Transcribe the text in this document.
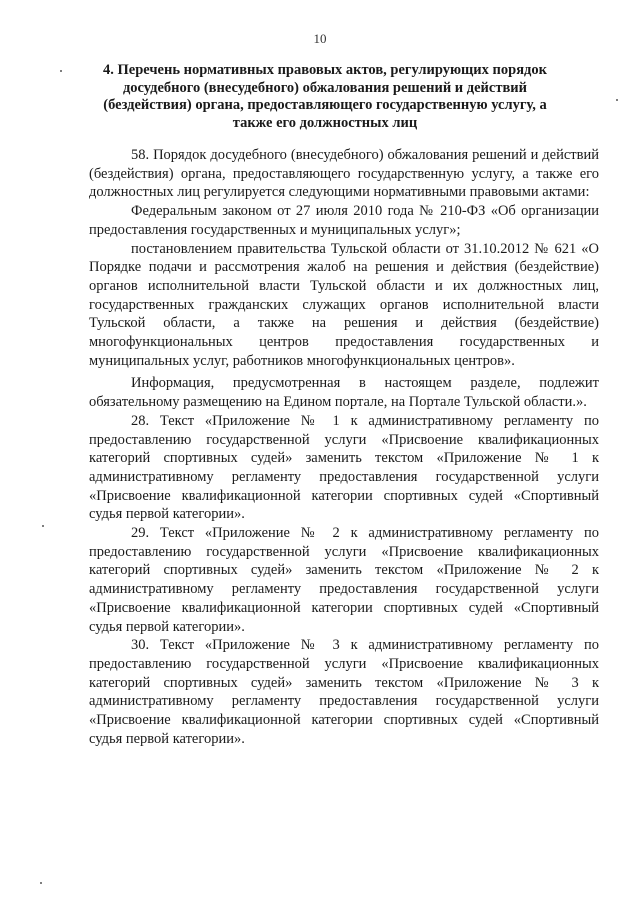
10
4. Перечень нормативных правовых актов, регулирующих порядок досудебного (внесудебного) обжалования решений и действий (бездействия) органа, предоставляющего государственную услугу, а также его должностных лиц

58. Порядок досудебного (внесудебного) обжалования решений и действий (бездействия) органа, предоставляющего государственную услугу, а также его должностных лиц регулируется следующими нормативными правовыми актами:

Федеральным законом от 27 июля 2010 года № 210-ФЗ «Об организации предоставления государственных и муниципальных услуг»;

постановлением правительства Тульской области от 31.10.2012 № 621 «О Порядке подачи и рассмотрения жалоб на решения и действия (бездействие) органов исполнительной власти Тульской области и их должностных лиц, государственных гражданских служащих органов исполнительной власти Тульской области, а также на решения и действия (бездействие) многофункциональных центров предоставления государственных и муниципальных услуг, работников многофункциональных центров».

Информация, предусмотренная в настоящем разделе, подлежит обязательному размещению на Едином портале, на Портале Тульской области.».

28. Текст «Приложение № 1 к административному регламенту по предоставлению государственной услуги «Присвоение квалификационных категорий спортивных судей» заменить текстом «Приложение № 1 к административному регламенту предоставления государственной услуги «Присвоение квалификационной категории спортивных судей «Спортивный судья первой категории».

29. Текст «Приложение № 2 к административному регламенту по предоставлению государственной услуги «Присвоение квалификационных категорий спортивных судей» заменить текстом «Приложение № 2 к административному регламенту предоставления государственной услуги «Присвоение квалификационной категории спортивных судей «Спортивный судья первой категории».

30. Текст «Приложение № 3 к административному регламенту по предоставлению государственной услуги «Присвоение квалификационных категорий спортивных судей» заменить текстом «Приложение № 3 к административному регламенту предоставления государственной услуги «Присвоение квалификационной категории спортивных судей «Спортивный судья первой категории».
